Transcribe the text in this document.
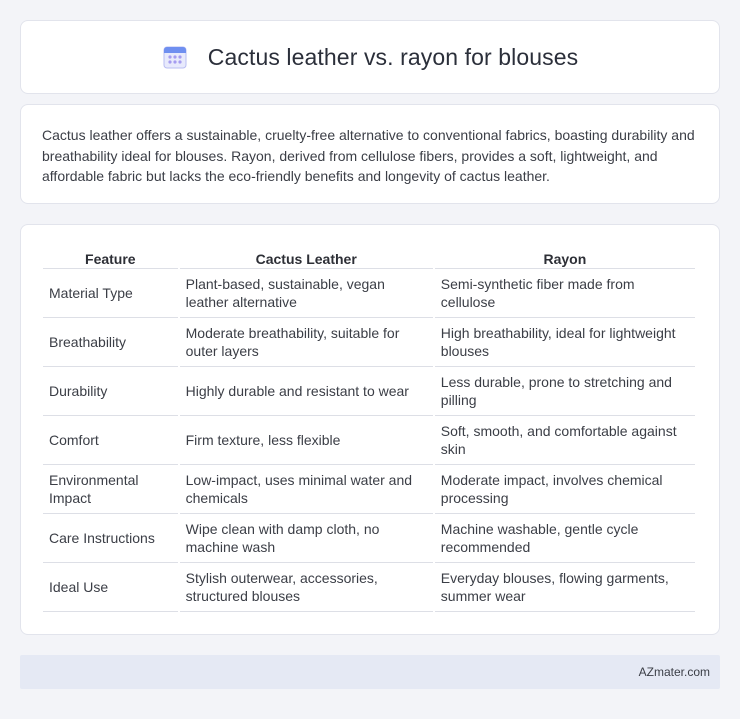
Cactus leather vs. rayon for blouses

Cactus leather offers a sustainable, cruelty-free alternative to conventional fabrics, boasting durability and breathability ideal for blouses. Rayon, derived from cellulose fibers, provides a soft, lightweight, and affordable fabric but lacks the eco-friendly benefits and longevity of cactus leather.

Feature	Cactus Leather	Rayon
Material Type	Plant-based, sustainable, vegan leather alternative	Semi-synthetic fiber made from cellulose
Breathability	Moderate breathability, suitable for outer layers	High breathability, ideal for lightweight blouses
Durability	Highly durable and resistant to wear	Less durable, prone to stretching and pilling
Comfort	Firm texture, less flexible	Soft, smooth, and comfortable against skin
Environmental Impact	Low-impact, uses minimal water and chemicals	Moderate impact, involves chemical processing
Care Instructions	Wipe clean with damp cloth, no machine wash	Machine washable, gentle cycle recommended
Ideal Use	Stylish outerwear, accessories, structured blouses	Everyday blouses, flowing garments, summer wear
AZmater.com
